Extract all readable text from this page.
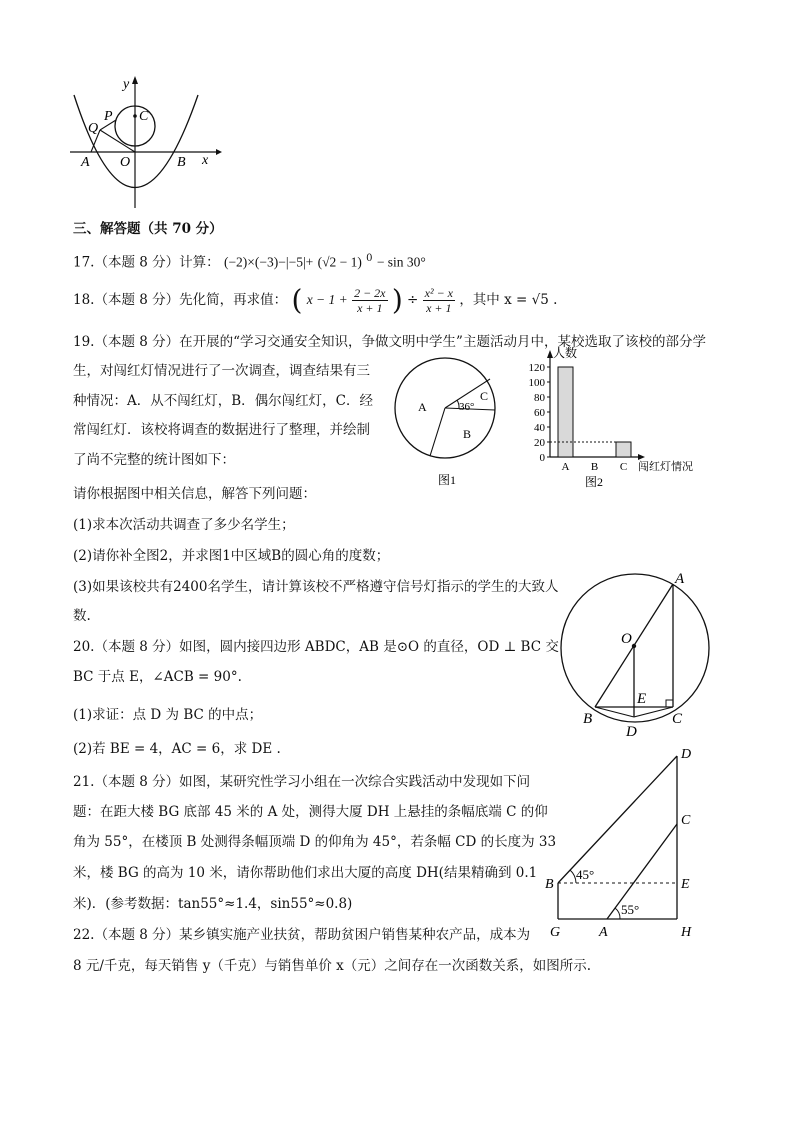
y
P C
Q
A O	B x
三、解答题（共 70 分）
17.（本题 8 分）计算： (−2)×(−3)−|−5|+ (√2 − 1) $^0$ − sin 30°
18.（本题 8 分）先化简，再求值： ( $x - 1 + \frac{2 - 2x}{x + 1}$ ) ÷ $\frac{\text{x² − x}}{x + 1}$ ，其中 x = √5 .
19.（本题 8 分）在开展的“学习交通安全知识，争做文明中学生”主题活动月中，某校选取了该校的部分学
生，对闯红灯情况进行了一次调查，调查结果有三
种情况：A．从不闯红灯，B．偶尔闯红灯，C．经
常闯红灯．该校将调查的数据进行了整理，并绘制
了尚不完整的统计图如下：
请你根据图中相关信息，解答下列问题：
(1)求本次活动共调查了多少名学生；
(2)请你补全图2，并求图1中区域B的圆心角的度数；
(3)如果该校共有2400名学生，请计算该校不严格遵守信号灯指示的学生的大致人
数.
A	36°
C
B
图1
人数
0
20
40
60
80
100
120
A B C 闯红灯情况
图2
20.（本题 8 分）如图，圆内接四边形 ABDC，AB 是⊙O 的直径，OD ⊥ BC 交
BC 于点 E，∠ACB = 90°.
(1)求证：点 D 为 BC 的中点；
(2)若 BE = 4，AC = 6，求 DE .
A
O
E
B	C
D
21.（本题 8 分）如图，某研究性学习小组在一次综合实践活动中发现如下问
题：在距大楼 BG 底部 45 米的 A 处，测得大厦 DH 上悬挂的条幅底端 C 的仰
角为 55°，在楼顶 B 处测得条幅顶端 D 的仰角为 45°，若条幅 CD 的长度为 33
米，楼 BG 的高为 10 米，请你帮助他们求出大厦的高度 DH(结果精确到 0.1
米)．(参考数据：tan55°≈1.4，sin55°≈0.8)
D
C
B
45°
E
55°
G	A	H
22.（本题 8 分）某乡镇实施产业扶贫，帮助贫困户销售某种农产品，成本为
8 元/千克，每天销售 y（千克）与销售单价 x（元）之间存在一次函数关系，如图所示.
